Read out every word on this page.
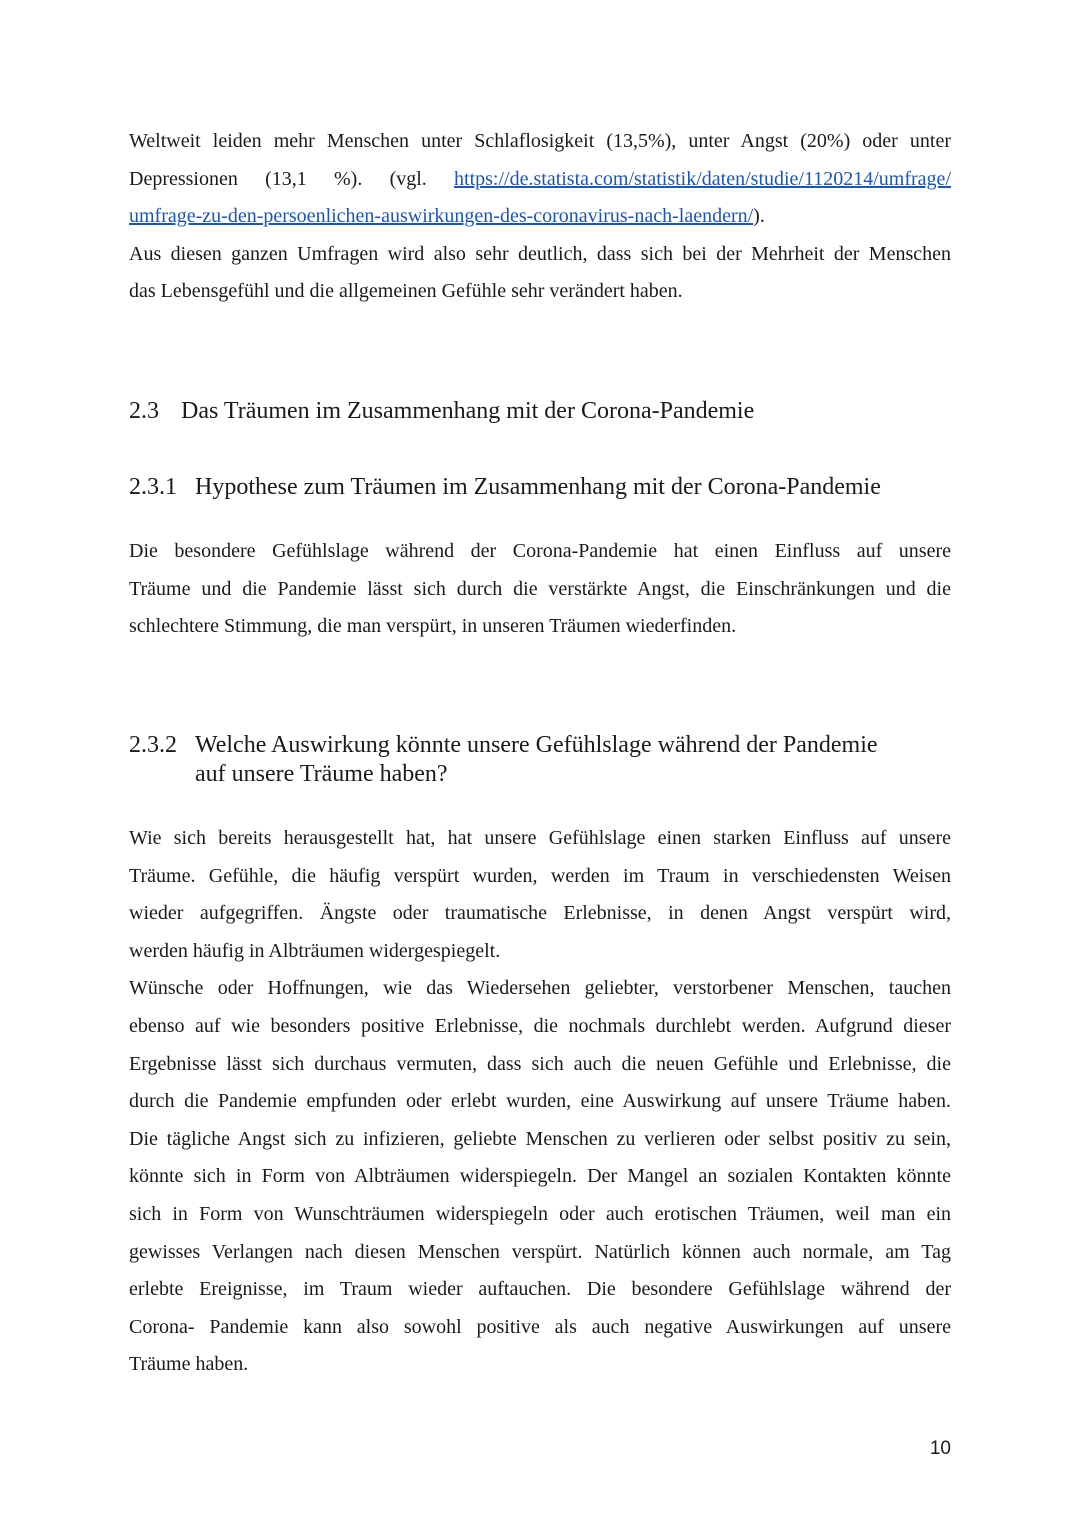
Weltweit leiden mehr Menschen unter Schlaflosigkeit (13,5%), unter Angst (20%) oder unter
Depressionen (13,1 %). (vgl. https://de.statista.com/statistik/daten/studie/1120214/umfrage/
umfrage-zu-den-persoenlichen-auswirkungen-des-coronavirus-nach-laendern/).
Aus diesen ganzen Umfragen wird also sehr deutlich, dass sich bei der Mehrheit der Menschen
das Lebensgefühl und die allgemeinen Gefühle sehr verändert haben.
2.3 Das Träumen im Zusammenhang mit der Corona-Pandemie
2.3.1 Hypothese zum Träumen im Zusammenhang mit der Corona-Pandemie
Die besondere Gefühlslage während der Corona-Pandemie hat einen Einfluss auf unsere
Träume und die Pandemie lässt sich durch die verstärkte Angst, die Einschränkungen und die
schlechtere Stimmung, die man verspürt, in unseren Träumen wiederfinden.
2.3.2 Welche Auswirkung könnte unsere Gefühlslage während der Pandemie
auf unsere Träume haben?
Wie sich bereits herausgestellt hat, hat unsere Gefühlslage einen starken Einfluss auf unsere
Träume. Gefühle, die häufig verspürt wurden, werden im Traum in verschiedensten Weisen
wieder aufgegriffen. Ängste oder traumatische Erlebnisse, in denen Angst verspürt wird,
werden häufig in Albträumen widergespiegelt.
Wünsche oder Hoffnungen, wie das Wiedersehen geliebter, verstorbener Menschen, tauchen
ebenso auf wie besonders positive Erlebnisse, die nochmals durchlebt werden. Aufgrund dieser
Ergebnisse lässt sich durchaus vermuten, dass sich auch die neuen Gefühle und Erlebnisse, die
durch die Pandemie empfunden oder erlebt wurden, eine Auswirkung auf unsere Träume haben.
Die tägliche Angst sich zu infizieren, geliebte Menschen zu verlieren oder selbst positiv zu sein,
könnte sich in Form von Albträumen widerspiegeln. Der Mangel an sozialen Kontakten könnte
sich in Form von Wunschträumen widerspiegeln oder auch erotischen Träumen, weil man ein
gewisses Verlangen nach diesen Menschen verspürt. Natürlich können auch normale, am Tag
erlebte Ereignisse, im Traum wieder auftauchen. Die besondere Gefühlslage während der
Corona- Pandemie kann also sowohl positive als auch negative Auswirkungen auf unsere
Träume haben.
10
